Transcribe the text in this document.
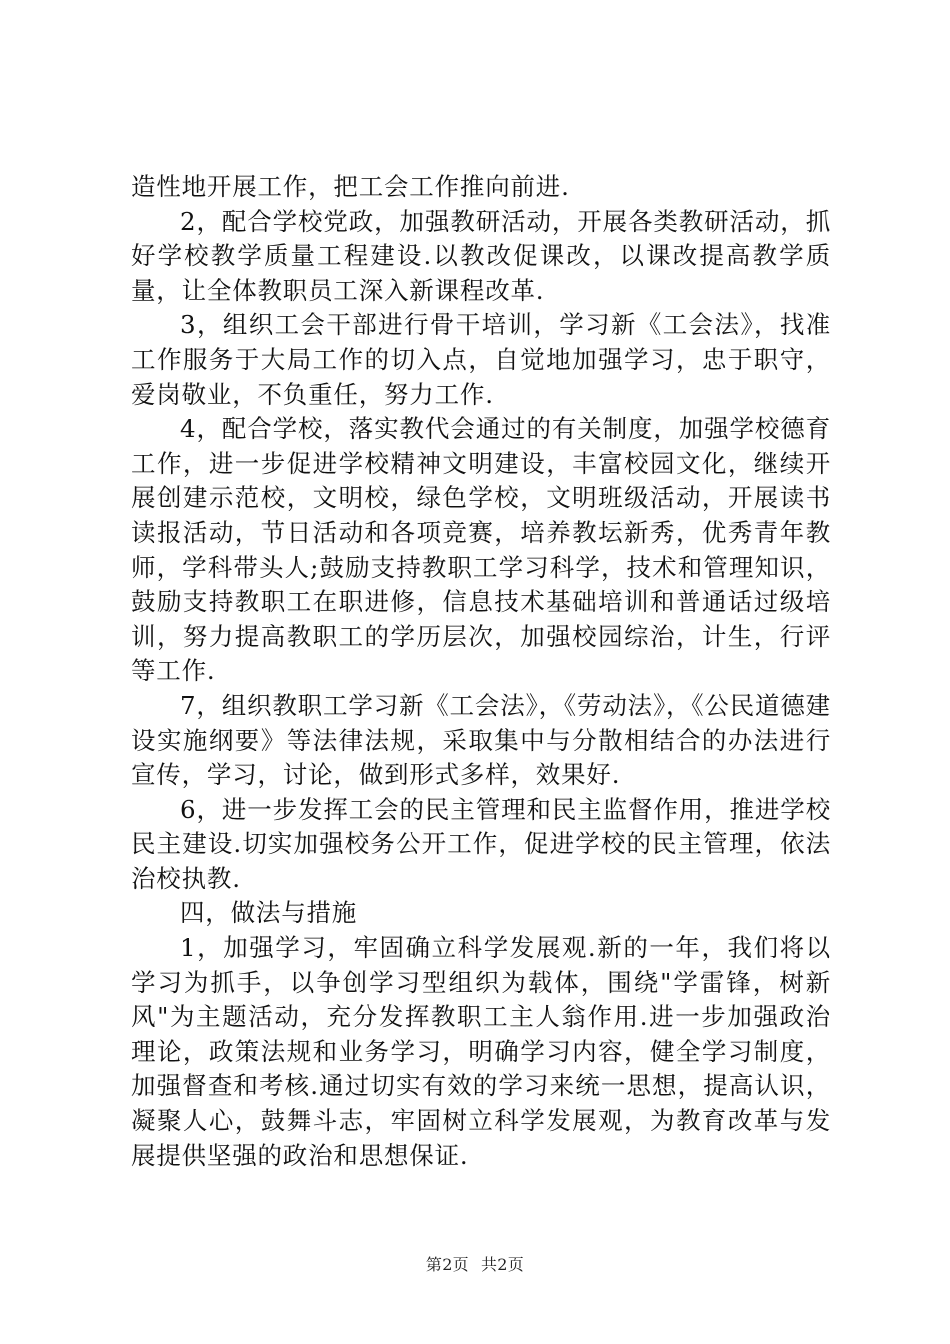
造性地开展工作，把工会工作推向前进.

2，配合学校党政，加强教研活动，开展各类教研活动，抓好学校教学质量工程建设.以教改促课改，以课改提高教学质量，让全体教职员工深入新课程改革.

3，组织工会干部进行骨干培训，学习新《工会法》，找准工作服务于大局工作的切入点，自觉地加强学习，忠于职守，爱岗敬业，不负重任，努力工作.

4，配合学校，落实教代会通过的有关制度，加强学校德育工作，进一步促进学校精神文明建设，丰富校园文化，继续开展创建示范校，文明校，绿色学校，文明班级活动，开展读书读报活动，节日活动和各项竞赛，培养教坛新秀，优秀青年教师，学科带头人;鼓励支持教职工学习科学，技术和管理知识，鼓励支持教职工在职进修，信息技术基础培训和普通话过级培训，努力提高教职工的学历层次，加强校园综治，计生，行评等工作.

7，组织教职工学习新《工会法》，《劳动法》，《公民道德建设实施纲要》等法律法规，采取集中与分散相结合的办法进行宣传，学习，讨论，做到形式多样，效果好.

6，进一步发挥工会的民主管理和民主监督作用，推进学校民主建设.切实加强校务公开工作，促进学校的民主管理，依法治校执教.

四，做法与措施

1，加强学习，牢固确立科学发展观.新的一年，我们将以学习为抓手，以争创学习型组织为载体，围绕"学雷锋，树新风"为主题活动，充分发挥教职工主人翁作用.进一步加强政治理论，政策法规和业务学习，明确学习内容，健全学习制度，加强督查和考核.通过切实有效的学习来统一思想，提高认识，凝聚人心，鼓舞斗志，牢固树立科学发展观，为教育改革与发展提供坚强的政治和思想保证.

第2页 共2页
